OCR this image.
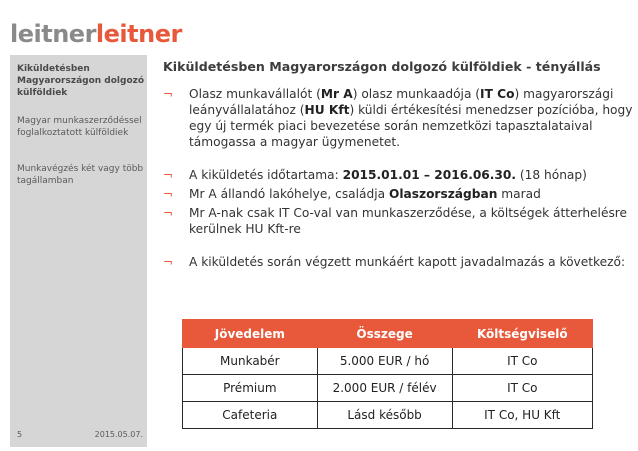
leitnerleitner
Kiküldetésben Magyarországon dolgozó külföldiek
Magyar munkaszerződéssel foglalkoztatott külföldiek
Munkavégzés két vagy több tagállamban
5	2015.05.07.
Kiküldetésben Magyarországon dolgozó külföldiek - tényállás
¬ Olasz munkavállalót (Mr A) olasz munkaadója (IT Co) magyarországi leányvállalatához (HU Kft) küldi értékesítési menedzser pozícióba, hogy egy új termék piaci bevezetése során nemzetközi tapasztalataival támogassa a magyar ügymenetet.
¬ A kiküldetés időtartama: 2015.01.01 – 2016.06.30. (18 hónap)
¬ Mr A állandó lakóhelye, családja Olaszországban marad
¬ Mr A-nak csak IT Co-val van munkaszerződése, a költségek átterhelésre kerülnek HU Kft-re
¬ A kiküldetés során végzett munkáért kapott javadalmazás a következő:
Jövedelem	Összege	Költségviselő
Munkabér	5.000 EUR / hó	IT Co
Prémium	2.000 EUR / félév	IT Co
Cafeteria	Lásd később	IT Co, HU Kft
